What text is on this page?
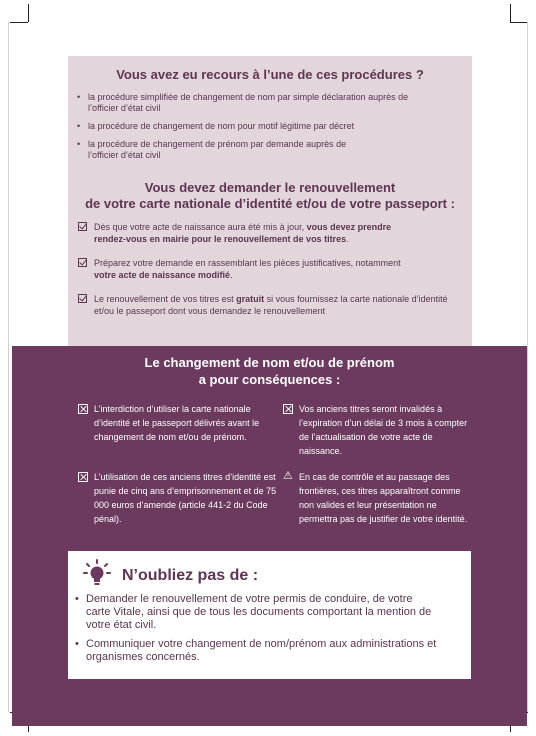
Vous avez eu recours à l’une de ces procédures ?
• la procédure simplifiée de changement de nom par simple déclaration auprès de l’officier d’état civil
• la procédure de changement de nom pour motif légitime par décret
• la procédure de changement de prénom par demande auprès de l’officier d’état civil
Vous devez demander le renouvellement
de votre carte nationale d’identité et/ou de votre passeport :
Dès que votre acte de naissance aura été mis à jour, vous devez prendre rendez-vous en mairie pour le renouvellement de vos titres.
Préparez votre demande en rassemblant les pièces justificatives, notamment votre acte de naissance modifié.
Le renouvellement de vos titres est gratuit si vous fournissez la carte nationale d’identité et/ou le passeport dont vous demandez le renouvellement
Le changement de nom et/ou de prénom
a pour conséquences :
L’interdiction d’utiliser la carte nationale d’identité et le passeport délivrés avant le changement de nom et/ou de prénom.
Vos anciens titres seront invalidés à l’expiration d’un délai de 3 mois à compter de l’actualisation de votre acte de naissance.
L’utilisation de ces anciens titres d’identité est punie de cinq ans d’emprisonnement et de 75 000 euros d’amende (article 441-2 du Code pénal).
⚠ En cas de contrôle et au passage des frontières, ces titres apparaîtront comme non valides et leur présentation ne permettra pas de justifier de votre identité.
N’oubliez pas de :
• Demander le renouvellement de votre permis de conduire, de votre carte Vitale, ainsi que de tous les documents comportant la mention de votre état civil.
• Communiquer votre changement de nom/prénom aux administrations et organismes concernés.
